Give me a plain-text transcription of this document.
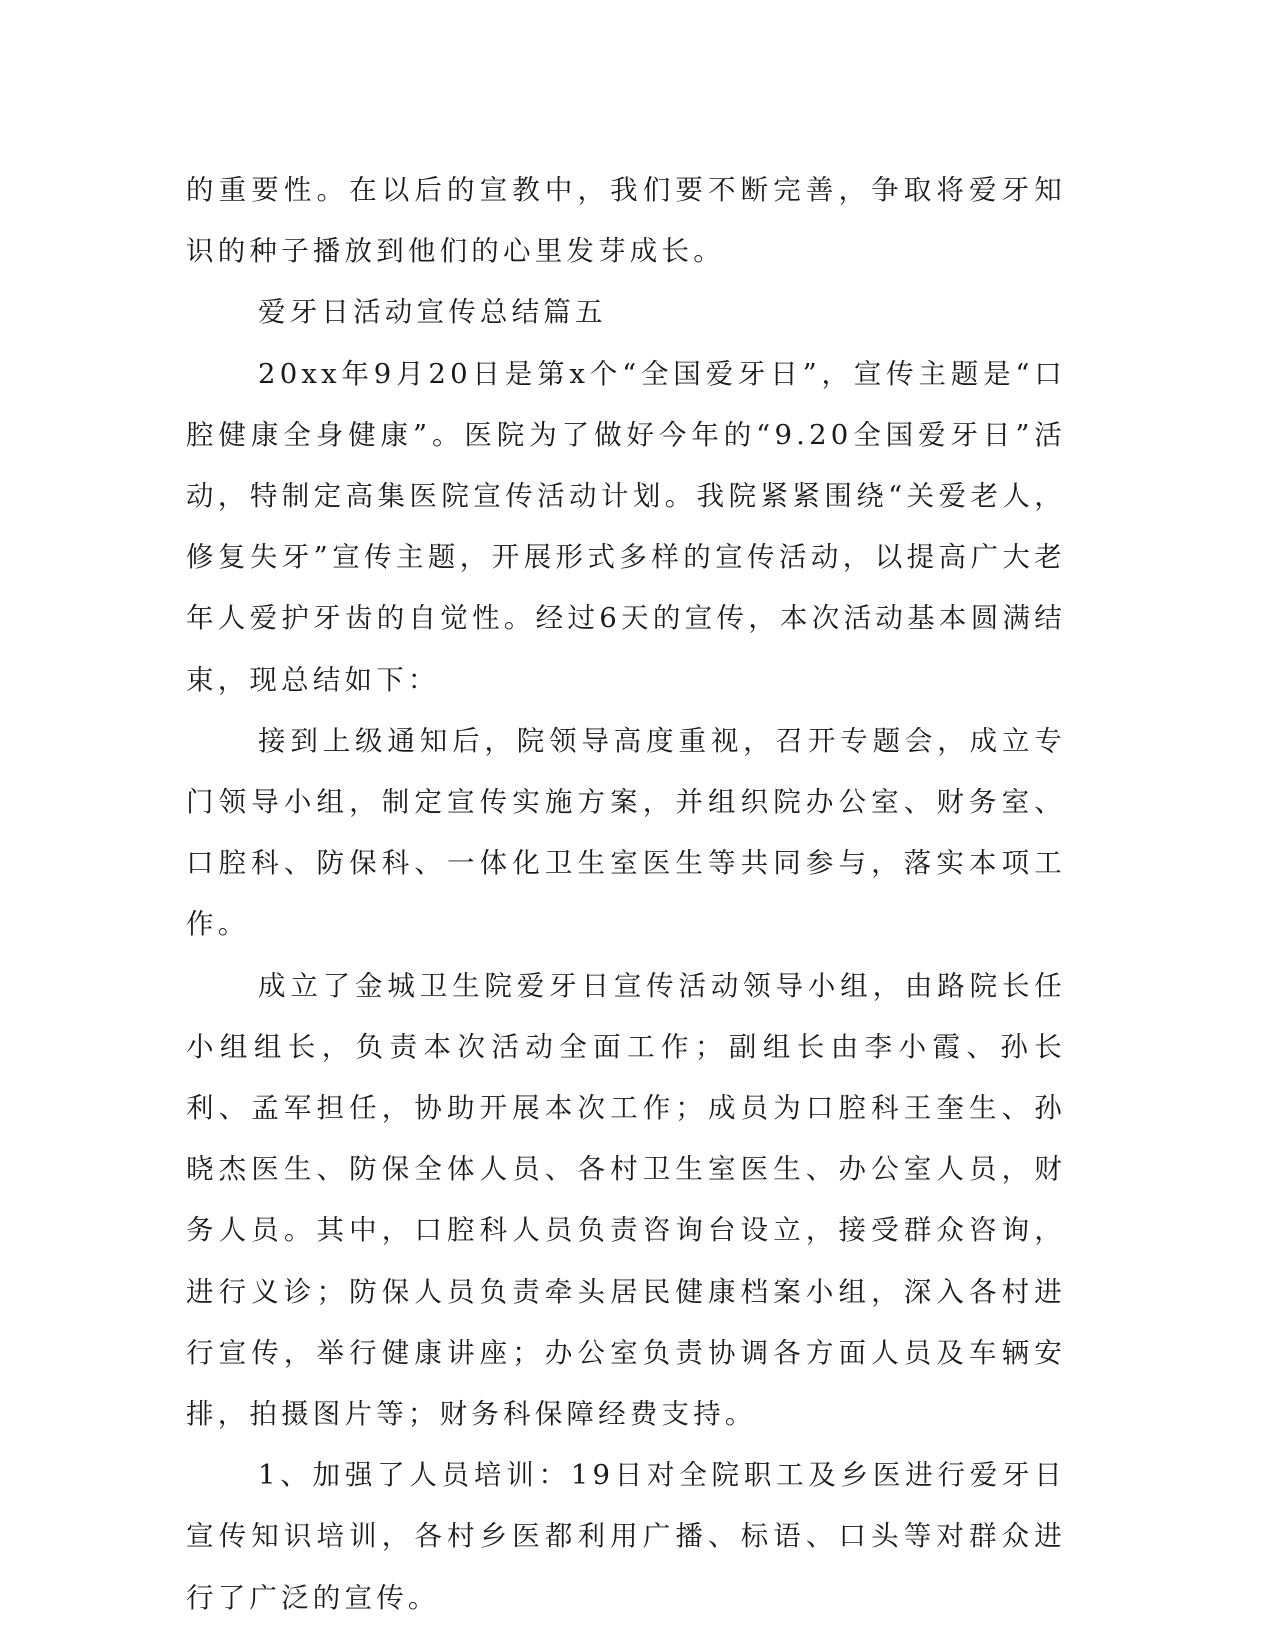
的重要性。在以后的宣教中，我们要不断完善，争取将爱牙知识的种子播放到他们的心里发芽成长。

爱牙日活动宣传总结篇五

20xx年9月20日是第x个“全国爱牙日”，宣传主题是“口腔健康全身健康”。医院为了做好今年的“9.20全国爱牙日”活动，特制定高集医院宣传活动计划。我院紧紧围绕“关爱老人，修复失牙”宣传主题，开展形式多样的宣传活动，以提高广大老年人爱护牙齿的自觉性。经过6天的宣传，本次活动基本圆满结束，现总结如下：

接到上级通知后，院领导高度重视，召开专题会，成立专门领导小组，制定宣传实施方案，并组织院办公室、财务室、口腔科、防保科、一体化卫生室医生等共同参与，落实本项工作。

成立了金城卫生院爱牙日宣传活动领导小组，由路院长任小组组长，负责本次活动全面工作；副组长由李小霞、孙长利、孟军担任，协助开展本次工作；成员为口腔科王奎生、孙晓杰医生、防保全体人员、各村卫生室医生、办公室人员，财务人员。其中，口腔科人员负责咨询台设立，接受群众咨询，进行义诊；防保人员负责牵头居民健康档案小组，深入各村进行宣传，举行健康讲座；办公室负责协调各方面人员及车辆安排，拍摄图片等；财务科保障经费支持。

1、加强了人员培训：19日对全院职工及乡医进行爱牙日宣传知识培训，各村乡医都利用广播、标语、口头等对群众进行了广泛的宣传。
